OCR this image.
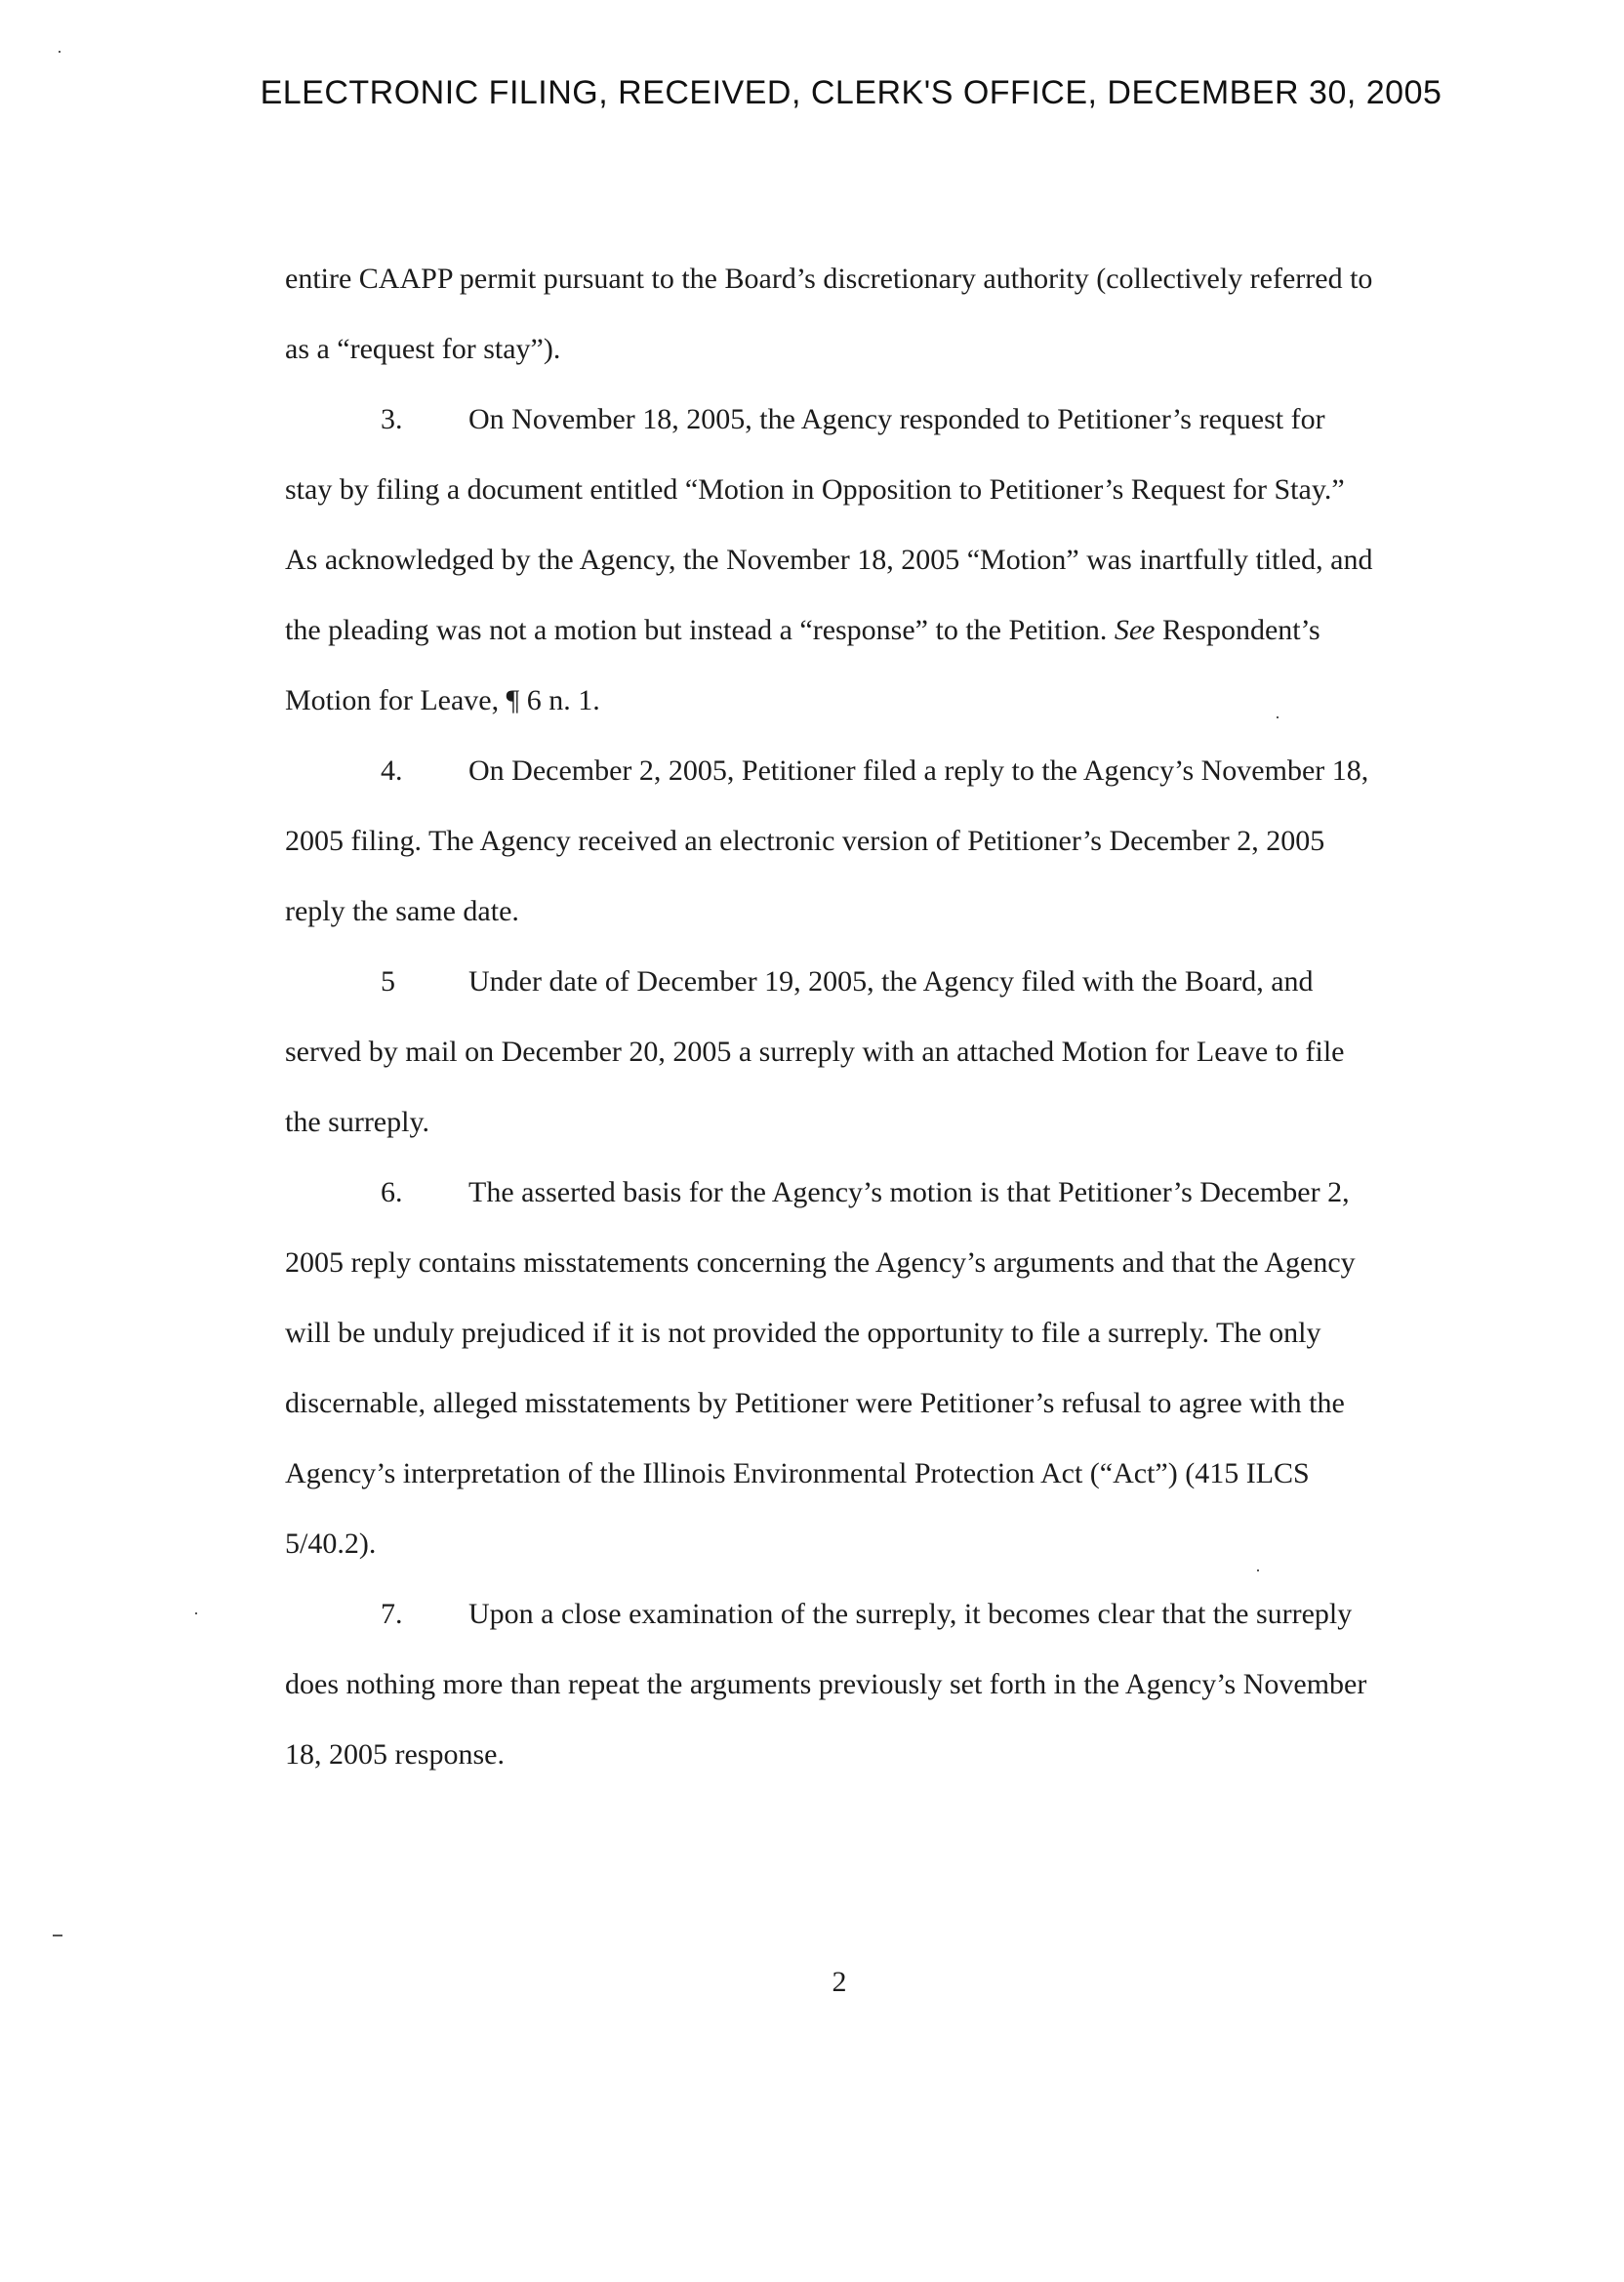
ELECTRONIC FILING, RECEIVED, CLERK'S OFFICE, DECEMBER 30, 2005

entire CAAPP permit pursuant to the Board’s discretionary authority (collectively referred to as a “request for stay”).

3. On November 18, 2005, the Agency responded to Petitioner’s request for stay by filing a document entitled “Motion in Opposition to Petitioner’s Request for Stay.” As acknowledged by the Agency, the November 18, 2005 “Motion” was inartfully titled, and the pleading was not a motion but instead a “response” to the Petition. See Respondent’s Motion for Leave, ¶ 6 n. 1.

4. On December 2, 2005, Petitioner filed a reply to the Agency’s November 18, 2005 filing. The Agency received an electronic version of Petitioner’s December 2, 2005 reply the same date.

5	Under date of December 19, 2005, the Agency filed with the Board, and served by mail on December 20, 2005 a surreply with an attached Motion for Leave to file the surreply.

6. The asserted basis for the Agency’s motion is that Petitioner’s December 2, 2005 reply contains misstatements concerning the Agency’s arguments and that the Agency will be unduly prejudiced if it is not provided the opportunity to file a surreply. The only discernable, alleged misstatements by Petitioner were Petitioner’s refusal to agree with the Agency’s interpretation of the Illinois Environmental Protection Act (“Act”) (415 ILCS 5/40.2).

7. Upon a close examination of the surreply, it becomes clear that the surreply does nothing more than repeat the arguments previously set forth in the Agency’s November 18, 2005 response.

2
